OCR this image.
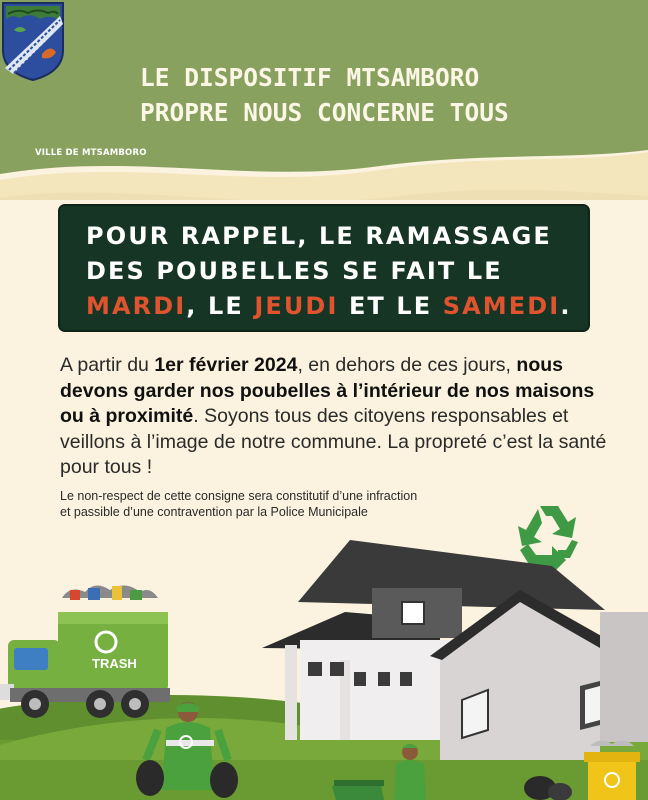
VILLE DE MTSAMBORO
LE DISPOSITIF MTSAMBORO
PROPRE NOUS CONCERNE TOUS
POUR RAPPEL, LE RAMASSAGE
DES POUBELLES SE FAIT LE
MARDI, LE JEUDI ET LE SAMEDI.

A partir du 1er février 2024, en dehors de ces jours, nous devons garder nos poubelles à l’intérieur de nos maisons ou à proximité. Soyons tous des citoyens responsables et veillons à l’image de notre commune. La propreté c’est la santé pour tous !

Le non-respect de cette consigne sera constitutif d’une infraction
et passible d’une contravention par la Police Municipale

TRASH
